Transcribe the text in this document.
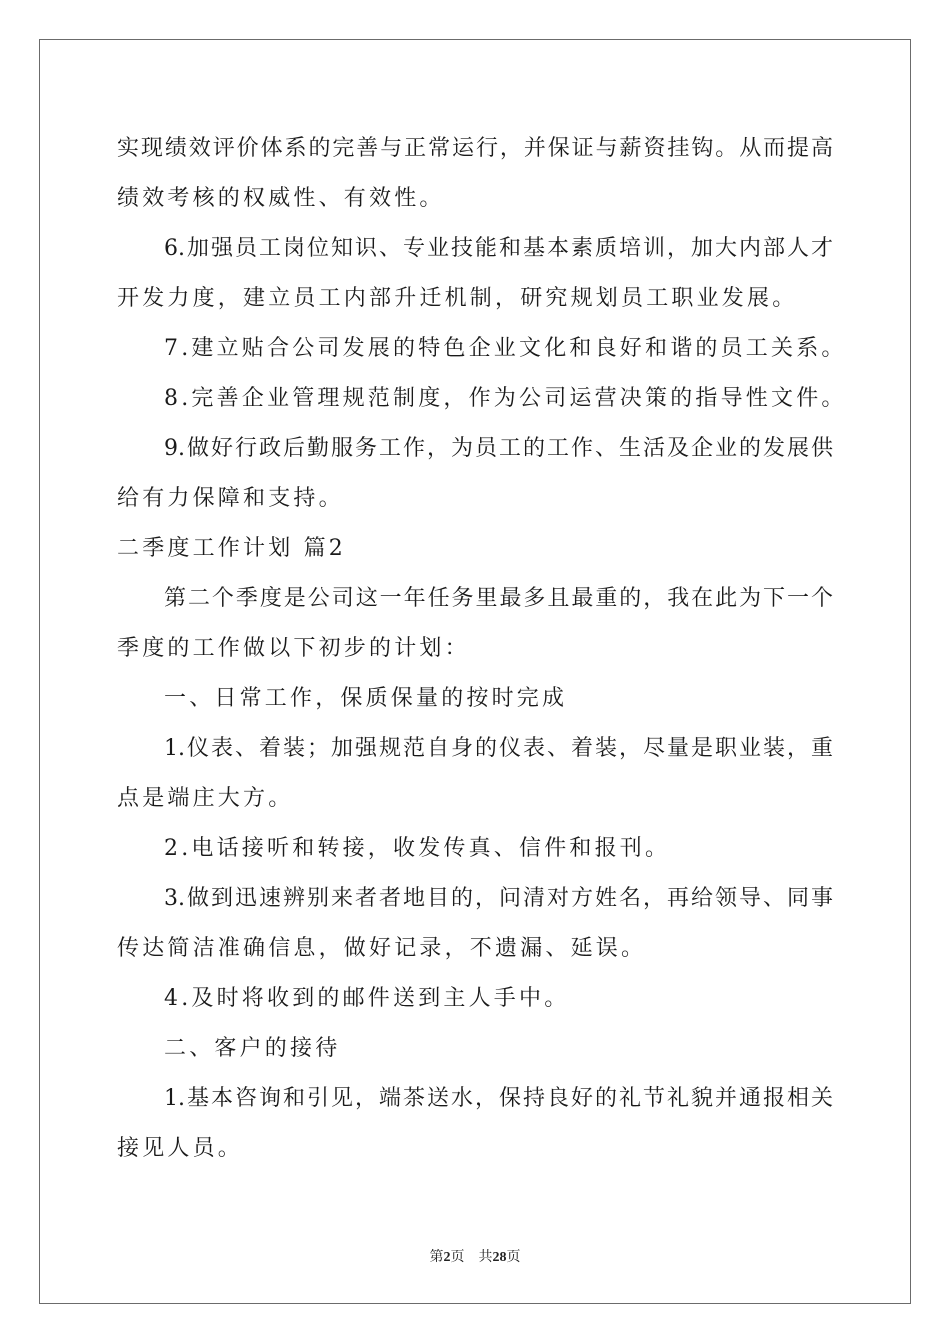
实现绩效评价体系的完善与正常运行，并保证与薪资挂钩。从而提高
绩效考核的权威性、有效性。
6.加强员工岗位知识、专业技能和基本素质培训，加大内部人才
开发力度，建立员工内部升迁机制，研究规划员工职业发展。
7.建立贴合公司发展的特色企业文化和良好和谐的员工关系。
8.完善企业管理规范制度，作为公司运营决策的指导性文件。
9.做好行政后勤服务工作，为员工的工作、生活及企业的发展供
给有力保障和支持。
二季度工作计划 篇2
第二个季度是公司这一年任务里最多且最重的，我在此为下一个
季度的工作做以下初步的计划：
一、日常工作，保质保量的按时完成
1.仪表、着装；加强规范自身的仪表、着装，尽量是职业装，重
点是端庄大方。
2.电话接听和转接，收发传真、信件和报刊。
3.做到迅速辨别来者者地目的，问清对方姓名，再给领导、同事
传达简洁准确信息，做好记录，不遗漏、延误。
4.及时将收到的邮件送到主人手中。
二、客户的接待
1.基本咨询和引见，端茶送水，保持良好的礼节礼貌并通报相关
接见人员。
第2页 共28页
